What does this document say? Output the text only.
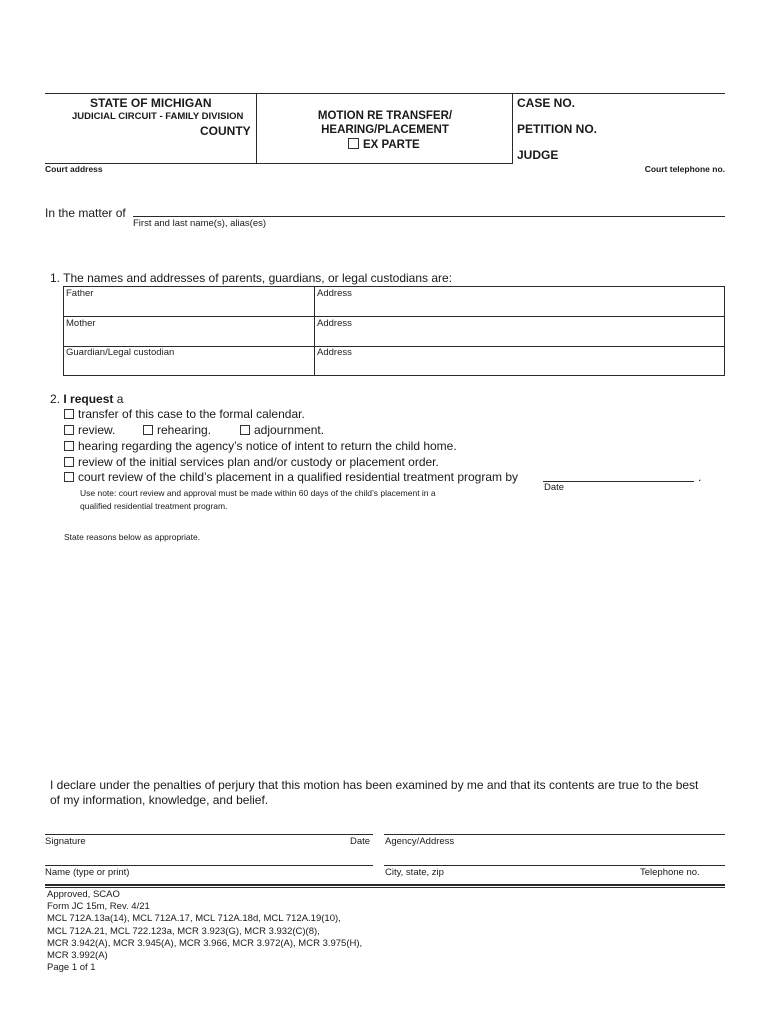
STATE OF MICHIGAN
JUDICIAL CIRCUIT - FAMILY DIVISION
COUNTY
MOTION RE TRANSFER/
HEARING/PLACEMENT
EX PARTE
CASE NO.
PETITION NO.
JUDGE
Court address	Court telephone no.
In the matter of
First and last name(s), alias(es)
1. The names and addresses of parents, guardians, or legal custodians are:
Father	Address
Mother	Address
Guardian/Legal custodian	Address
2. I request a
transfer of this case to the formal calendar.
review.	rehearing.	adjournment.
hearing regarding the agency’s notice of intent to return the child home.
review of the initial services plan and/or custody or placement order.
court review of the child’s placement in a qualified residential treatment program by	.
Date
Use note: court review and approval must be made within 60 days of the child’s placement in a
qualified residential treatment program.
State reasons below as appropriate.
I declare under the penalties of perjury that this motion has been examined by me and that its contents are true to the best
of my information, knowledge, and belief.
Signature	Date Agency/Address
Name (type or print)	City, state, zip	Telephone no.
Approved, SCAO
Form JC 15m, Rev. 4/21
MCL 712A.13a(14), MCL 712A.17, MCL 712A.18d, MCL 712A.19(10),
MCL 712A.21, MCL 722.123a, MCR 3.923(G), MCR 3.932(C)(8),
MCR 3.942(A), MCR 3.945(A), MCR 3.966, MCR 3.972(A), MCR 3.975(H),
MCR 3.992(A)
Page 1 of 1
